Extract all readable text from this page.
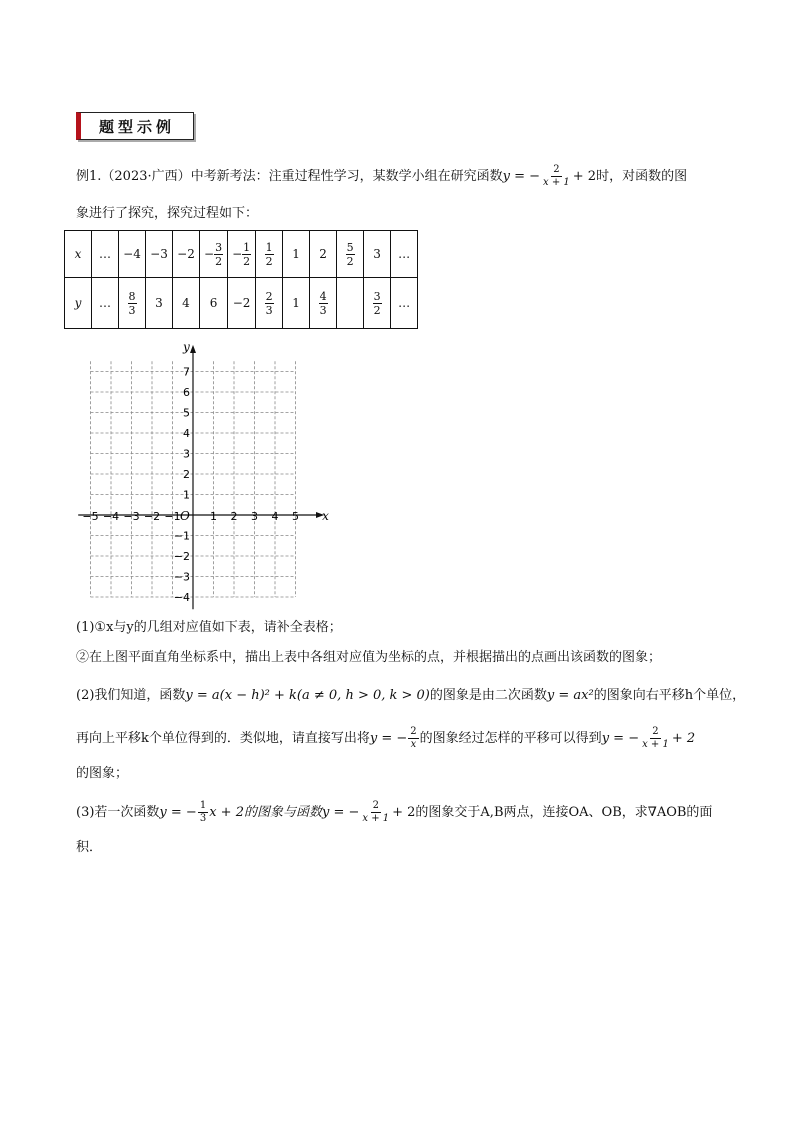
题型示例
例1.（2023·广西）中考新考法：注重过程性学习，某数学小组在研究函数y = − $\frac{2}{x + 1} + 2$时，对函数的图
象进行了探究，探究过程如下：
x	…	−4	−3	−2	− $\frac{3}{2}$	− $\frac{1}{2}$	$\frac{1}{2}$	1	2	$\frac{5}{2}$	3	…
y	…	$\frac{8}{3}$	3	4	6	−2	$\frac{2}{3}$	1	$\frac{4}{3}$		$\frac{3}{2}$	…
x
y
O
−5 −4 −3 −2 −1	1 2 3 4 5
7
6
5
4
3
2
1
−1
−2
−3
−4
(1)①x与y的几组对应值如下表，请补全表格；
②在上图平面直角坐标系中，描出上表中各组对应值为坐标的点，并根据描出的点画出该函数的图象；
(2)我们知道，函数y = a(x − h)² + k(a ≠ 0, h > 0, k > 0)的图象是由二次函数y = ax²的图象向右平移h个单位，
再向上平移k个单位得到的．类似地，请直接写出将y = − $\frac{2}{x}$ 的图象经过怎样的平移可以得到y = − $\frac{2}{x + 1} + 2$
的图象；
(3)若一次函数y = − $\frac{1}{3}$ x + 2的图象与函数y = − $\frac{2}{x + 1} + 2$的图象交于A,B两点，连接OA、OB，求∇AOB的面
积．
